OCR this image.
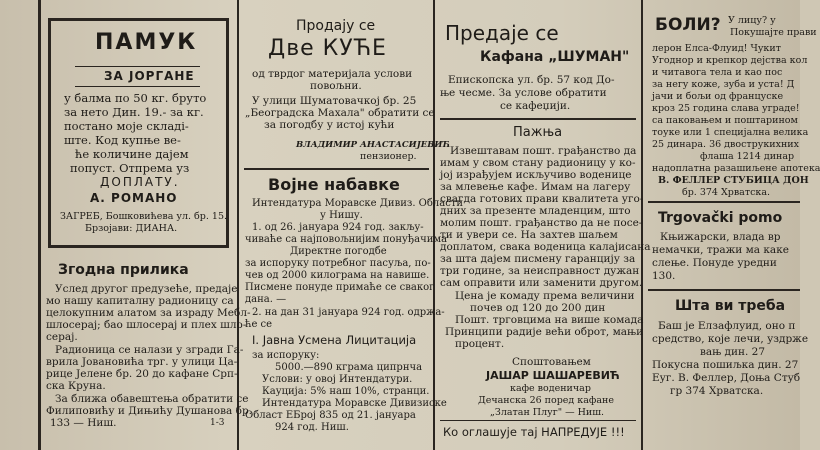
ПАМУК
ЗА ЈОРГАНЕ
у балма по 50 кг. бруто
за нето Дин. 19.- за кг.
постано моје складi-
ште. Код купње ве-
ће количине дајем
попуст. Отпрема уз
ДОПЛАТУ.
А. РОМАНО
ЗАГРЕБ, Бошковићева ул. бр. 15.
Брзојави: ДИАНА.
Згодна прилика
Услед другог предузеће, предаје
мо нашу капиталну радионицу са
целокупним алатом за израду Мебл-
шлосерај; бао шлосерај и плех шло-
серај.
Радионица се налази у згради Га-
врила Јовановића трг. у улици Ца-
рице Јелене бр. 20 до кафане Срп-
ска Круна.
За ближа обавештења обратити се
Филиповићу и Дињићу Душанова бр.
133 — Ниш.	1-3
Продају се
Две КУЋЕ
од тврдог материјала услови
повољни.
У улици Шуматовачкој бр. 25
„Београдска Махала" обратити се
за погодбу у истој кући
ВЛАДИМИР АНАСТАСИЈЕВИЋ
пензионер.
Војне набавке
Интендатура Моравске Дивиз. Области
у Нишу.
1. од 26. јануара 924 год. закљу-
чиваће са најповољнијим понуђачима
Директне погодбе
за испоруку потребног пасуља, по-
чев од 2000 килограма на навише.
Писмене понуде примаће се сваког
дана. —
2. на дан 31 јануара 924 год. одржа-
ће се
I. Јавна Усмена Лицитација
за испоруку:
5000.—890 кграма ципрнча
Услови: у овој Интендатури.
Кауција: 5% наш 10%, странци.
Интендатура Моравске Дивизиске
Област ЕБрој 835 од 21. јануара
924 год. Ниш.
Предаје се
Кафана „ШУМАН"
Епископска ул. бр. 57 код До-
ње чесме. За услове обратити
се кафеџији.
Пажња
Извештавам пошт. грађанство да
имам у свом стану радионицу у ко-
јој израђујем искључиво воденице
за млевење кафе. Имам на лагеру
свагда готових прави квалитета уго-
дних за презенте младенцим, што
молим пошт. грађанство да не посе-
ти и увери се. На захтев шаљем
доплатом, свака воденица калајисана
за шта дајем писмену гаранцију за
три године, за неисправност дужан
сам оправити или заменити другом.
Цена је комаду према величини
почев од 120 до 200 дин
Пошт. трговцима на више комада
Принципи радије већи оброт, мањи
процент.
Спoштовањем
ЈАШАР ШАШАРЕВИЋ
кафе воденичар
Дечанска 26 поред кафане
„Златан Плуг" — Ниш.
Ко оглашује тај НАПРЕДУЈЕ !!!
БОЛИ? У лицу? у
Покушајте прави
лерон Елса-Флуид! Чукит
Угоднор и крепкор дејства кол
и читавога тела и као пос
за негу коже, зуба и уста! Д
јачи и бољи од француске
кроз 25 година слава уграде!
са паковањем и поштарином
тоуке или 1 специјална велика
25 динара. 36 двострукихних
флаша 1214 динар
надоплатна разашиљене апотека
В. ФЕЛЛЕР СТУБИЦА ДОН
бр. 374 Хрватска.
Trgovački pomo
Књижарски, влада вр
немачки, тражи ма каке
слење. Понуде уредни
130.
Шта ви треба
Баш је Елзафлуид, оно п
средство, које лечи, уздрже
вањ дин. 27
Покусна пошиљка дин. 27
Еуг. В. Феллер, Доња Стуб
гр 374 Хрватска.
